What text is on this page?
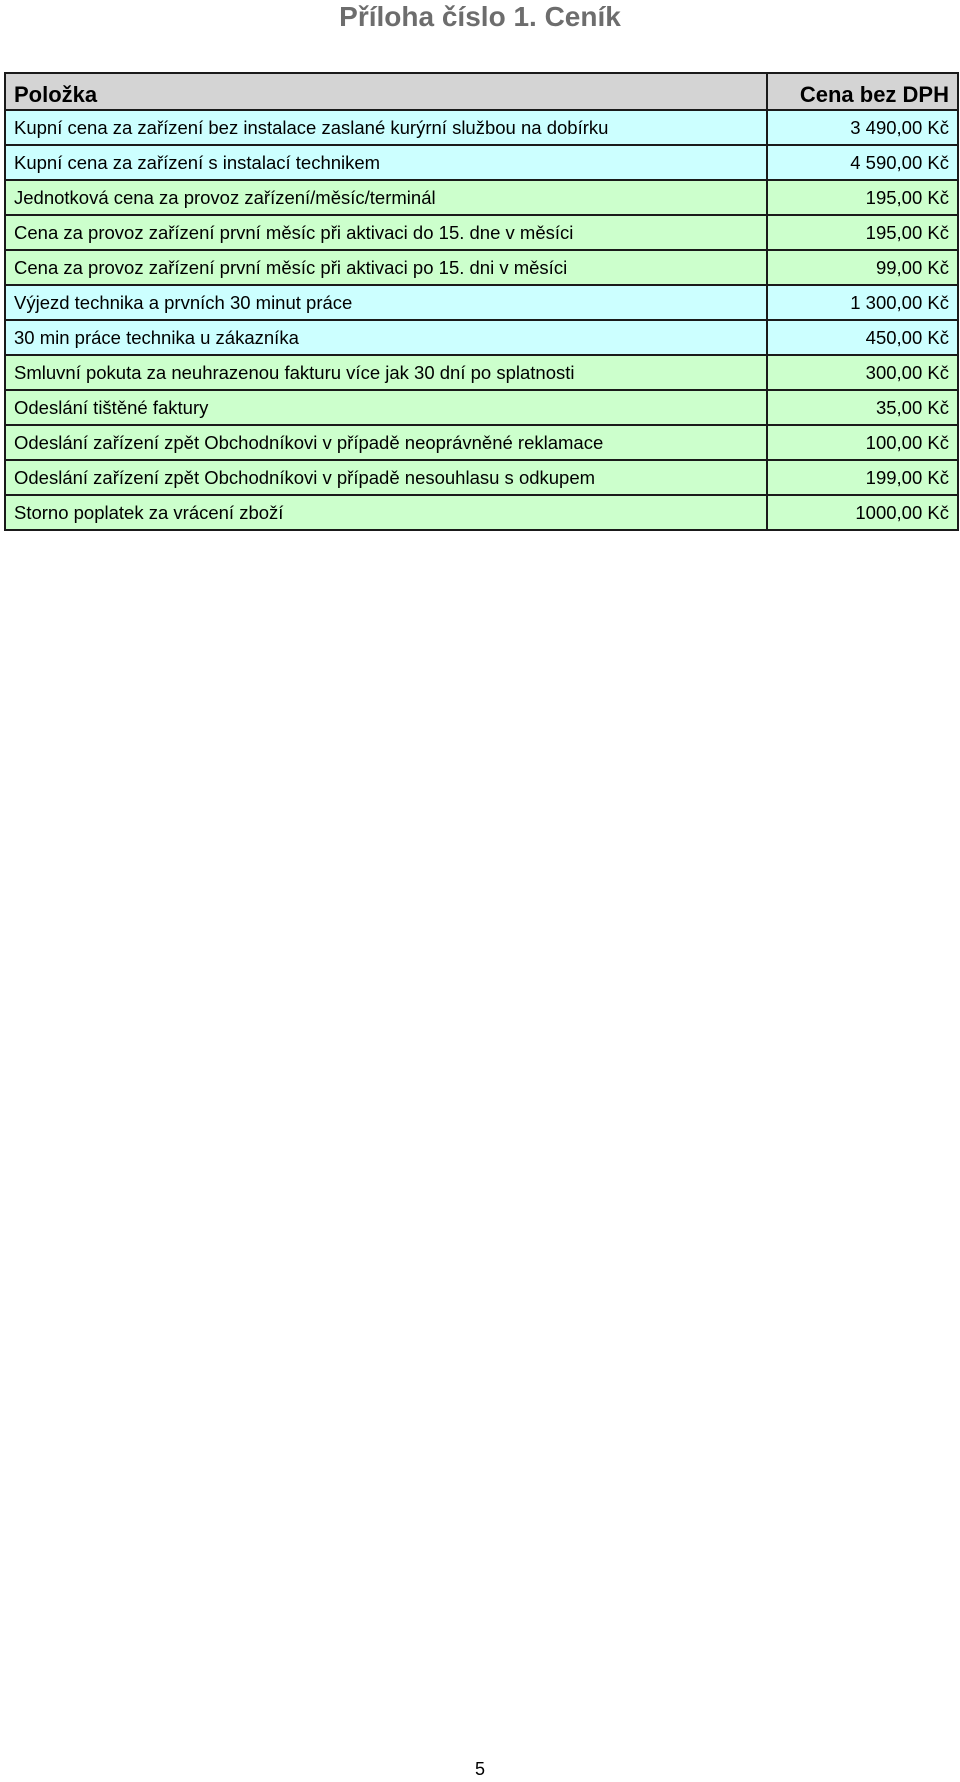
Příloha číslo 1. Ceník
Položka	Cena bez DPH
Kupní cena za zařízení bez instalace zaslané kurýrní službou na dobírku	3 490,00 Kč
Kupní cena za zařízení s instalací technikem	4 590,00 Kč
Jednotková cena za provoz zařízení/měsíc/terminál	195,00 Kč
Cena za provoz zařízení první měsíc při aktivaci do 15. dne v měsíci	195,00 Kč
Cena za provoz zařízení první měsíc při aktivaci po 15. dni v měsíci	99,00 Kč
Výjezd technika a prvních 30 minut práce	1 300,00 Kč
30 min práce technika u zákazníka	450,00 Kč
Smluvní pokuta za neuhrazenou fakturu více jak 30 dní po splatnosti	300,00 Kč
Odeslání tištěné faktury	35,00 Kč
Odeslání zařízení zpět Obchodníkovi v případě neoprávněné reklamace	100,00 Kč
Odeslání zařízení zpět Obchodníkovi v případě nesouhlasu s odkupem	199,00 Kč
Storno poplatek za vrácení zboží	1000,00 Kč
5
